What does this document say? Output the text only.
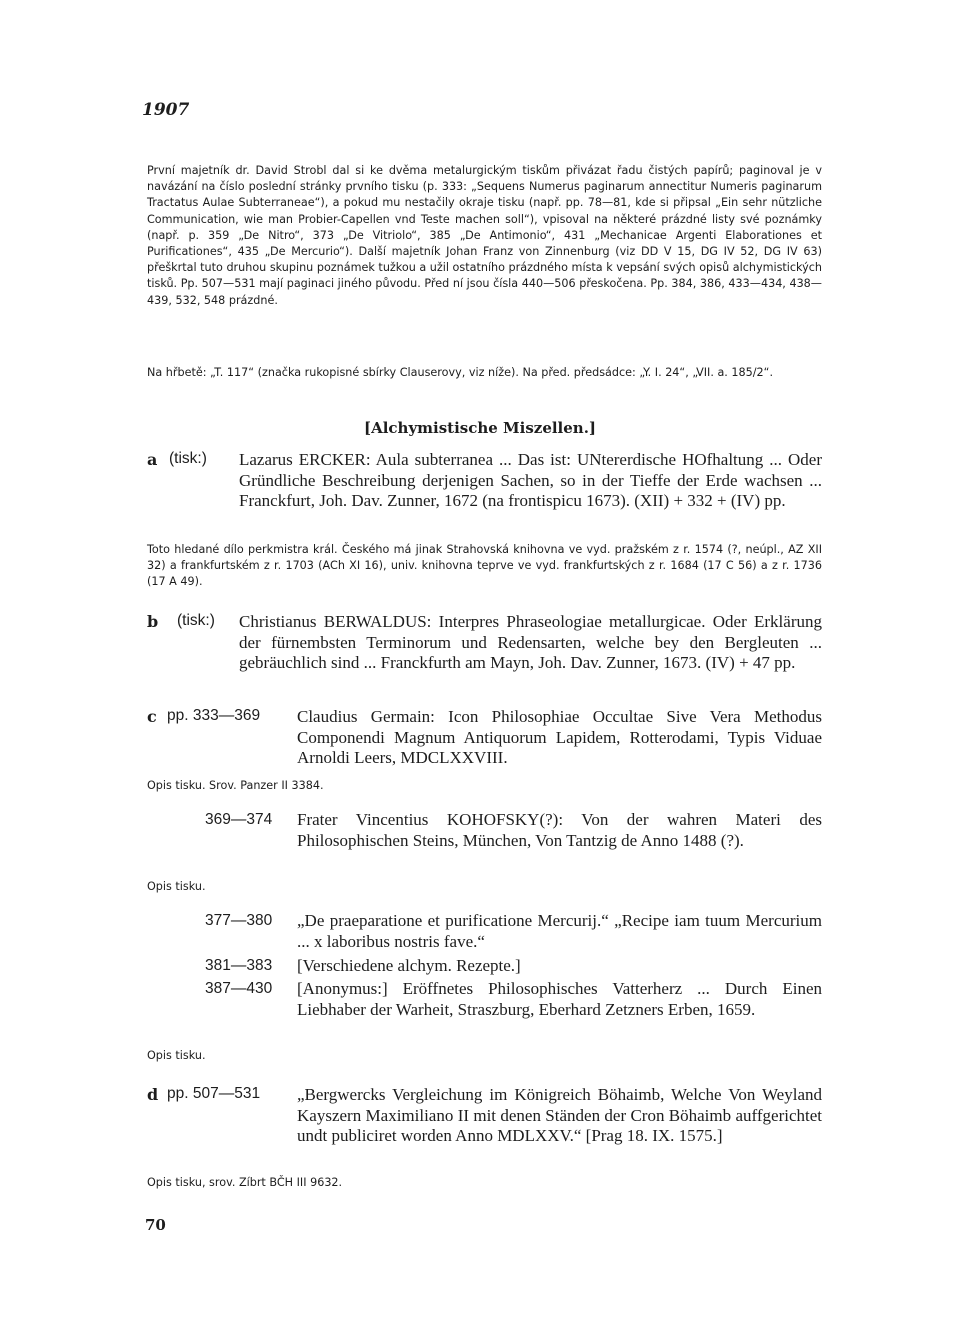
1907

První majetník dr. David Strobl dal si ke dvěma metalurgickým tiskům přivázat řadu čistých papírů; paginoval je v navázání na číslo poslední stránky prvního tisku (p. 333: „Sequens Numerus paginarum annectitur Numeris paginarum Tractatus Aulae Subterraneae“), a pokud mu nestačily okraje tisku (např. pp. 78—81, kde si připsal „Ein sehr nützliche Communication, wie man Probier-Capellen vnd Teste machen soll“), vpisoval na některé prázdné listy své poznámky (např. p. 359 „De Nitro“, 373 „De Vitriolo“, 385 „De Antimonio“, 431 „Mechanicae Argenti Elaborationes et Purificationes“, 435 „De Mercurio“). Další majetník Johan Franz von Zinnenburg (viz DD V 15, DG IV 52, DG IV 63) přeškrtal tuto druhou skupinu poznámek tužkou a užil ostatního prázdného místa k vepsání svých opisů alchymistických tisků. Pp. 507—531 mají paginaci jiného původu. Před ní jsou čísla 440—506 přeskočena. Pp. 384, 386, 433—434, 438—439, 532, 548 prázdné.

Na hřbetě: „T. 117“ (značka rukopisné sbírky Clauserovy, viz níže). Na před. předsádce: „Y. I. 24“, „VII. a. 185/2“.

[Alchymistische Miszellen.]
a (tisk:) Lazarus ERCKER: Aula subterranea ... Das ist: UNtererdische HOfhaltung ... Oder Gründliche Beschreibung derjenigen Sachen, so in der Tieffe der Erde wachsen ... Franckfurt, Joh. Dav. Zunner, 1672 (na frontispicu 1673). (XII) + 332 + (IV) pp.

Toto hledané dílo perkmistra král. Českého má jinak Strahovská knihovna ve vyd. pražském z r. 1574 (?, neúpl., AZ XII 32) a frankfurtském z r. 1703 (ACh XI 16), univ. knihovna teprve ve vyd. frankfurtských z r. 1684 (17 C 56) a z r. 1736 (17 A 49).

b (tisk:) Christianus BERWALDUS: Interpres Phraseologiae metallurgicae. Oder Erklärung der fürnembsten Terminorum und Redensarten, welche bey den Bergleuten ... gebräuchlich sind ... Franckfurth am Mayn, Joh. Dav. Zunner, 1673. (IV) + 47 pp.

c pp. 333—369 Claudius Germain: Icon Philosophiae Occultae Sive Vera Methodus Componendi Magnum Antiquorum Lapidem, Rotterodami, Typis Viduae Arnoldi Leers, MDCLXXVIII.

Opis tisku. Srov. Panzer II 3384.

369—374 Frater Vincentius KOHOFSKY(?): Von der wahren Materi des Philosophischen Steins, München, Von Tantzig de Anno 1488 (?).

Opis tisku.

377—380 „De praeparatione et purificatione Mercurij.“ „Recipe iam tuum Mercurium ... x laboribus nostris fave.“

381—383 [Verschiedene alchym. Rezepte.]

387—430 [Anonymus:] Eröffnetes Philosophisches Vatterherz ... Durch Einen Liebhaber der Warheit, Straszburg, Eberhard Zetzners Erben, 1659.

Opis tisku.

d pp. 507—531 „Bergwercks Vergleichung im Königreich Böhaimb, Welche Von Weyland Kayszern Maximiliano II mit denen Ständen der Cron Böhaimb auffgerichtet undt publiciret worden Anno MDLXXV.“ [Prag 18. IX. 1575.]

Opis tisku, srov. Zíbrt BČH III 9632.

70
